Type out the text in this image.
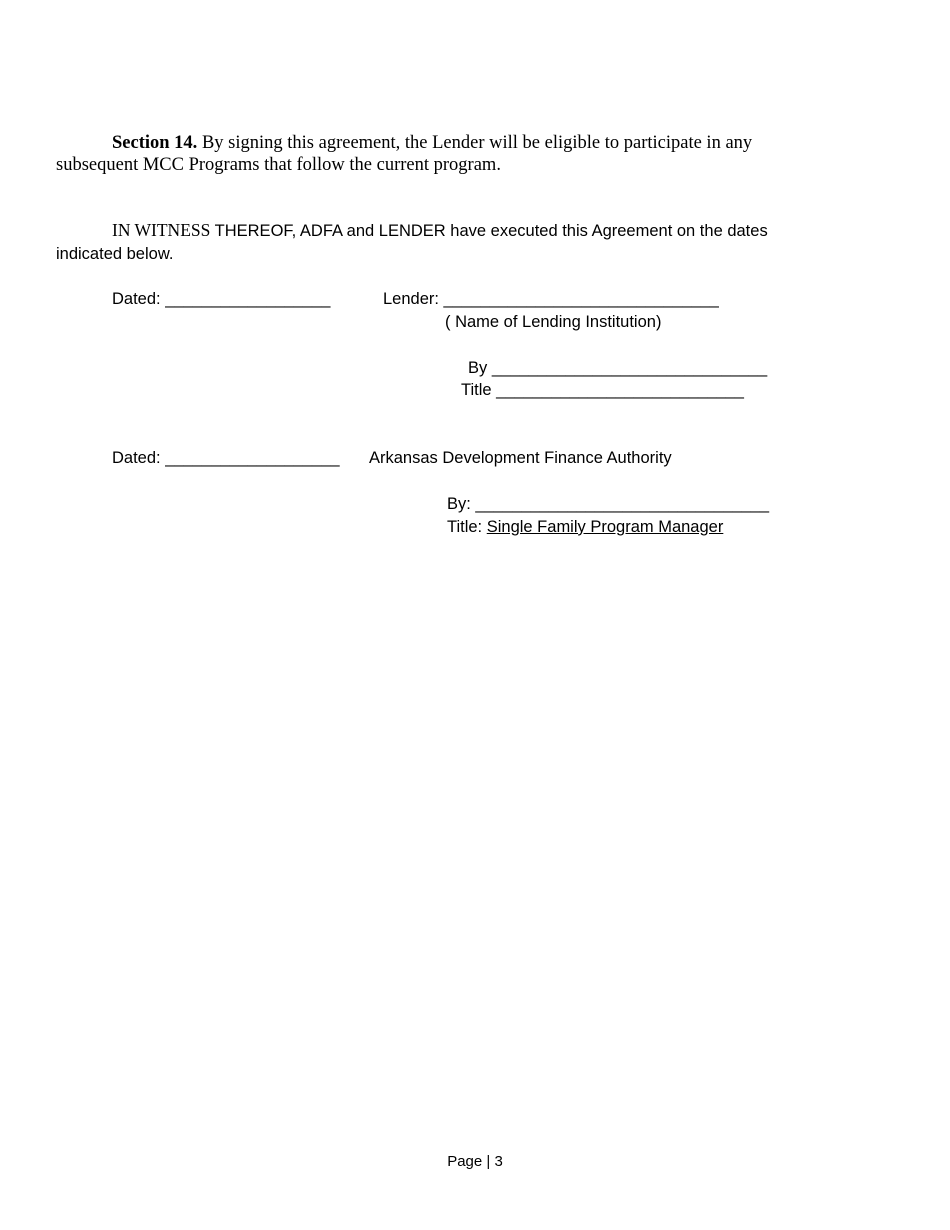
Section 14. By signing this agreement, the Lender will be eligible to participate in any subsequent MCC Programs that follow the current program.
IN WITNESS THEREOF, ADFA and LENDER have executed this Agreement on the dates indicated below.
Dated: __________________	Lender: ______________________________
( Name of Lending Institution)
By ______________________________
Title ___________________________
Dated: ___________________ Arkansas Development Finance Authority
By: ________________________________
Title: Single Family Program Manager
Page | 3
